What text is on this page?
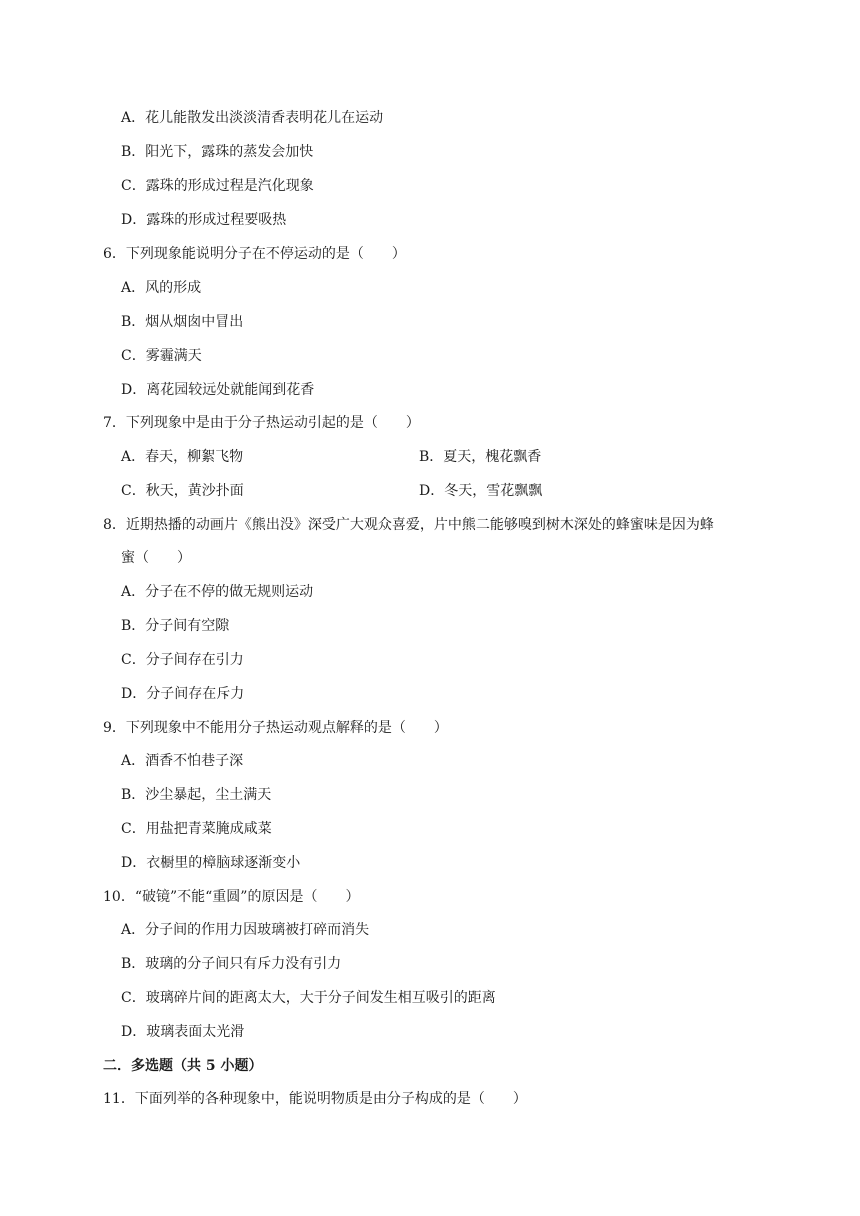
A．花儿能散发出淡淡清香表明花儿在运动
B．阳光下，露珠的蒸发会加快
C．露珠的形成过程是汽化现象
D．露珠的形成过程要吸热
6．下列现象能说明分子在不停运动的是（　　）
A．风的形成
B．烟从烟囱中冒出
C．雾霾满天
D．离花园较远处就能闻到花香
7．下列现象中是由于分子热运动引起的是（　　）
A．春天，柳絮飞物	B．夏天，槐花飘香
C．秋天，黄沙扑面	D．冬天，雪花飘飘
8．近期热播的动画片《熊出没》深受广大观众喜爱，片中熊二能够嗅到树木深处的蜂蜜味是因为蜂
蜜（　　）
A．分子在不停的做无规则运动
B．分子间有空隙
C．分子间存在引力
D．分子间存在斥力
9．下列现象中不能用分子热运动观点解释的是（　　）
A．酒香不怕巷子深
B．沙尘暴起，尘土满天
C．用盐把青菜腌成咸菜
D．衣橱里的樟脑球逐渐变小
10．“破镜”不能“重圆”的原因是（　　）
A．分子间的作用力因玻璃被打碎而消失
B．玻璃的分子间只有斥力没有引力
C．玻璃碎片间的距离太大，大于分子间发生相互吸引的距离
D．玻璃表面太光滑
二．多选题（共 5 小题）
11．下面列举的各种现象中，能说明物质是由分子构成的是（　　）
